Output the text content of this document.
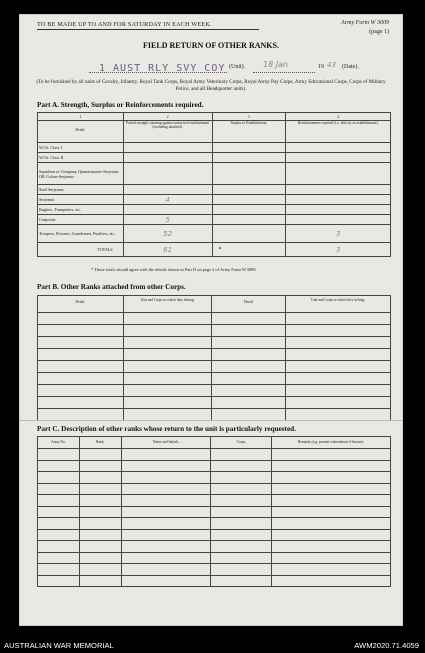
TO BE MADE UP TO AND FOR SATURDAY IN EACH WEEK.	Army Form W 3009
(page 1)
FIELD RETURN OF OTHER RANKS.
1 AUST RLY SVY COY (Unit). 18 Jan	19 43 (Date).
(To be furnished by all units of Cavalry, Infantry, Royal Tank Corps, Royal Army Veterinary Corps, Royal Army Pay Corps, Army Educational Corps, Corps of Military Police, and all Headquarter units).
Part A. Strength, Surplus or Reinforcements required.
1	2	3	4

Detail.	Posted strength counting against authorised establishment (excluding attached).	Surplus to Establishment.	Reinforcements required (i.e. deficits on establishment).

W.Os. Class I.			
W.Os. Class II.			
Squadron or Company Quartermaster-Serjeants OR Colour-Serjeants			
Staff Serjeants			
Serjeants	4		
Buglers, Trumpeters, etc.			
Corporals	5		
Troopers, Privates, Guardsmen, Fusiliers, etc.	52		3
TOTALS	61	*	3
* These totals should agree with the details shown in Part D on page 2 of Army Form W.3009.
Part B. Other Ranks attached from other Corps.
Detail.	Unit and Corps to which they belong.	Detail.	Unit and Corps to which they belong.

Part C. Description of other ranks whose return to the unit is particularly requested.
Army No.	Rank.	Name and Initials.	Corps.	Remarks (e.g. present whereabouts if known).

AUSTRALIAN WAR MEMORIAL	AWM2020.71.4059
